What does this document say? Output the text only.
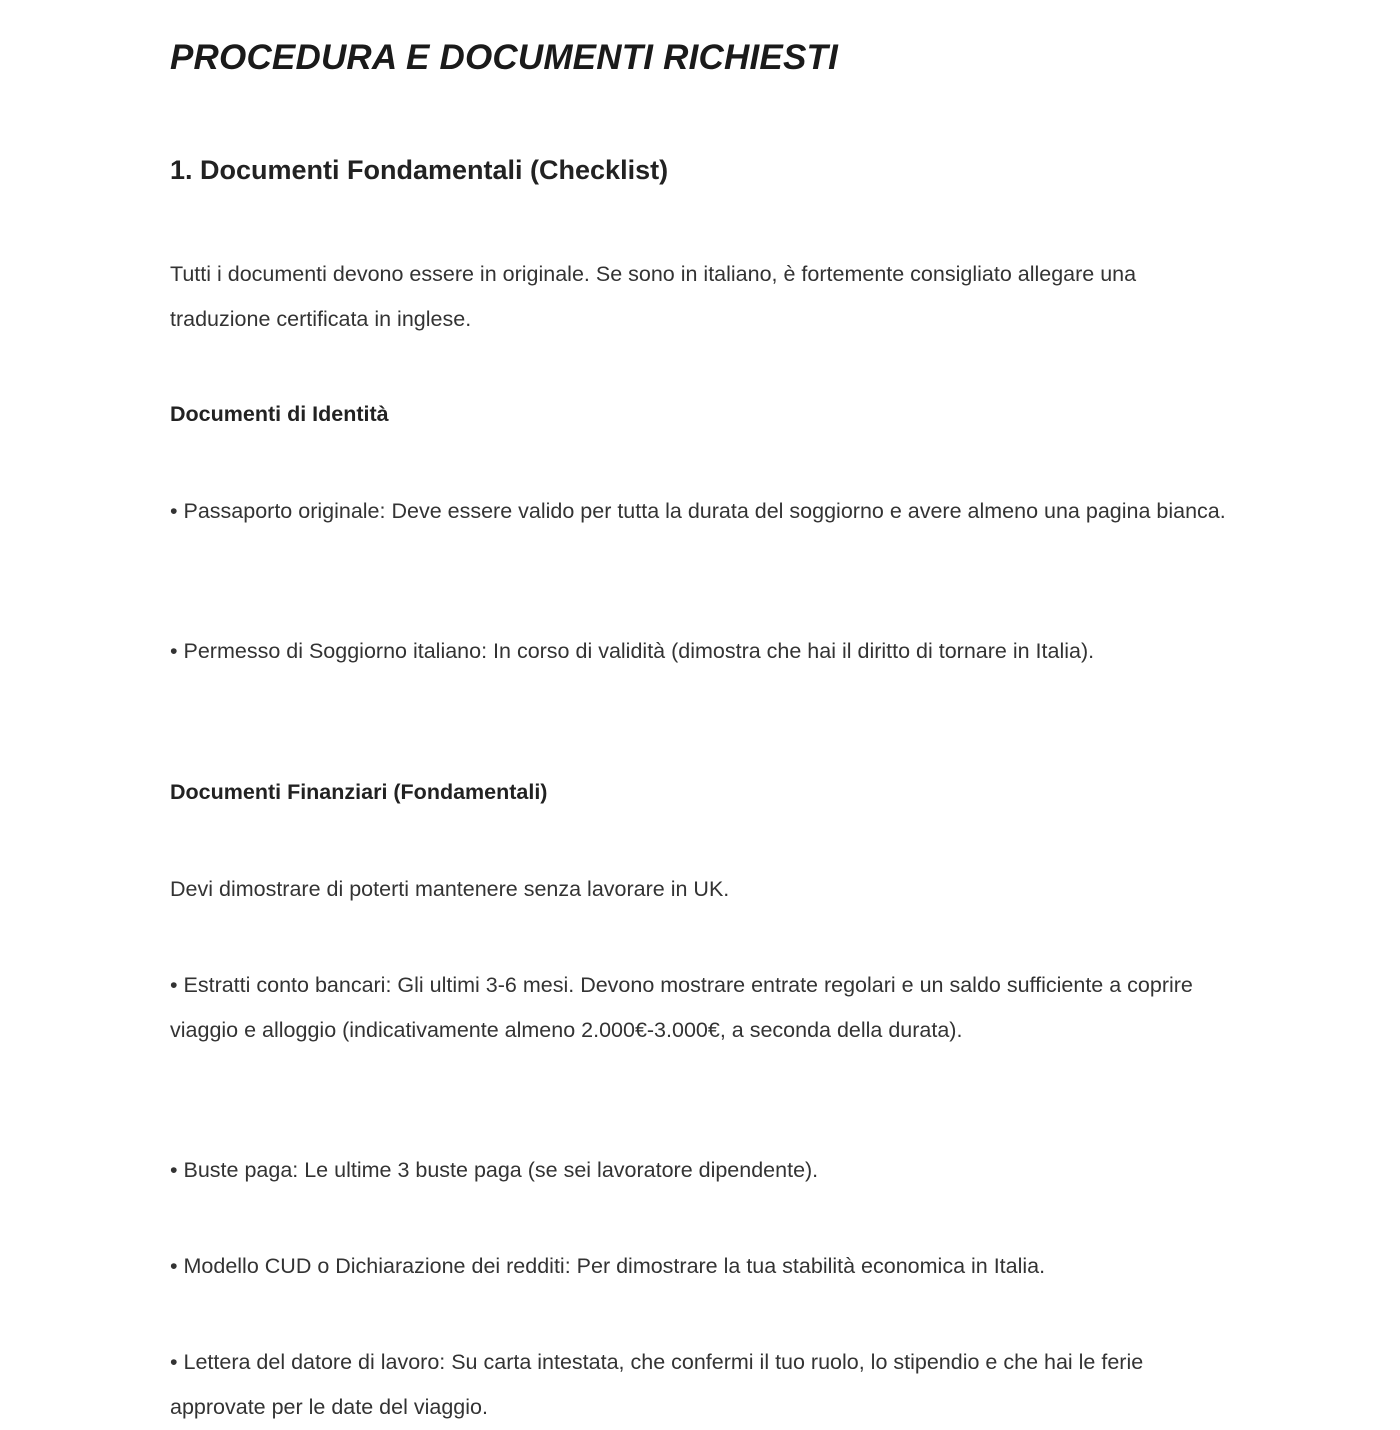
PROCEDURA E DOCUMENTI RICHIESTI
1. Documenti Fondamentali (Checklist)

Tutti i documenti devono essere in originale. Se sono in italiano, è fortemente consigliato allegare una traduzione certificata in inglese.

Documenti di Identità

• Passaporto originale: Deve essere valido per tutta la durata del soggiorno e avere almeno una pagina bianca.

• Permesso di Soggiorno italiano: In corso di validità (dimostra che hai il diritto di tornare in Italia).

Documenti Finanziari (Fondamentali)

Devi dimostrare di poterti mantenere senza lavorare in UK.

• Estratti conto bancari: Gli ultimi 3-6 mesi. Devono mostrare entrate regolari e un saldo sufficiente a coprire viaggio e alloggio (indicativamente almeno 2.000€-3.000€, a seconda della durata).

• Buste paga: Le ultime 3 buste paga (se sei lavoratore dipendente).

• Modello CUD o Dichiarazione dei redditi: Per dimostrare la tua stabilità economica in Italia.

• Lettera del datore di lavoro: Su carta intestata, che confermi il tuo ruolo, lo stipendio e che hai le ferie approvate per le date del viaggio.
